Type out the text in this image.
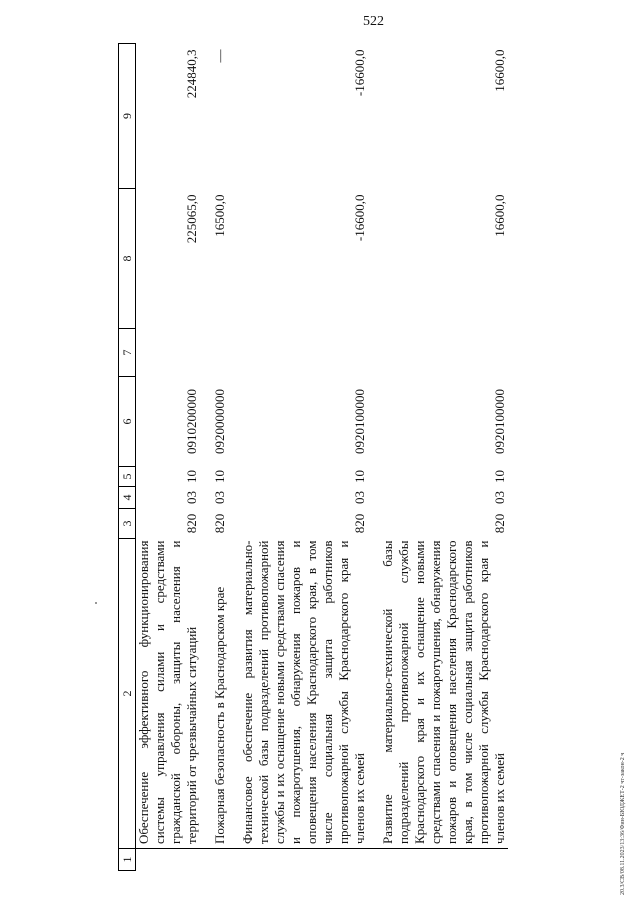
522
1	2	3	4	5	6	7	8	9
	Обеспечение эффективного функционирования системы управления силами и средствами гражданской обороны, защиты населения и территорий от чрезвычайных ситуаций	820	03	10	0910200000		225065,0	224840,3

	Пожарная безопасность в Краснодарском крае	820	03	10	0920000000		16500,0	—

	Финансовое обеспечение развития материально-технической базы подразделений противопожарной службы и их оснащение новыми средствами спасения и пожаротушения, обнаружения пожаров и оповещения населения Краснодарского края, в том числе социальная защита работников противопожарной службы Краснодарского края и членов их семей	820	03	10	0920100000		-16600,0	-16600,0

	Развитие материально-технической базы подразделений противопожарной службы Краснодарского края и их оснащение новыми средствами спасения и пожаротушения, обнаружения пожаров и оповещения населения Краснодарского края, в том числе социальная защита работников противопожарной службы Краснодарского края и членов их семей	820	03	10	0920100000		16600,0	16600,0
20.3/СВ/08.11.2023/13:36/Фин-БЮДЖЕТ-2 чт-закон-2 ч
